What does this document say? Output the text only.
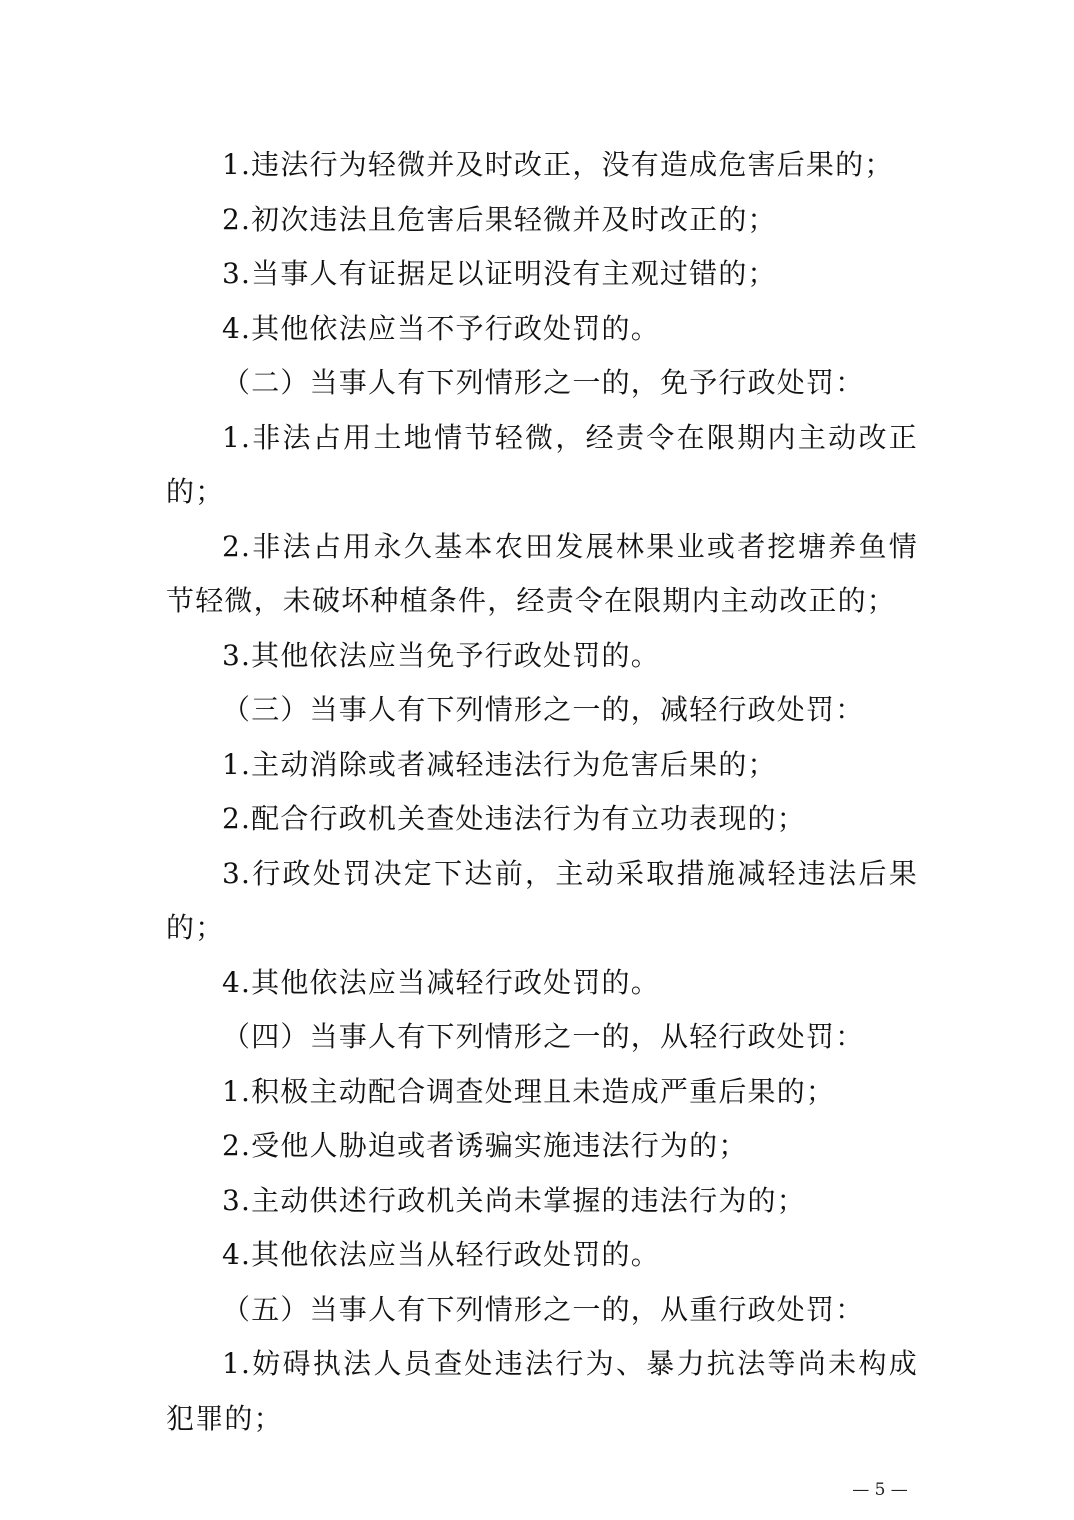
1.违法行为轻微并及时改正，没有造成危害后果的；

2.初次违法且危害后果轻微并及时改正的；

3.当事人有证据足以证明没有主观过错的；

4.其他依法应当不予行政处罚的。

（二）当事人有下列情形之一的，免予行政处罚：

1.非法占用土地情节轻微，经责令在限期内主动改正的；

2.非法占用永久基本农田发展林果业或者挖塘养鱼情节轻微，未破坏种植条件，经责令在限期内主动改正的；

3.其他依法应当免予行政处罚的。

（三）当事人有下列情形之一的，减轻行政处罚：

1.主动消除或者减轻违法行为危害后果的；

2.配合行政机关查处违法行为有立功表现的；

3.行政处罚决定下达前，主动采取措施减轻违法后果的；

4.其他依法应当减轻行政处罚的。

（四）当事人有下列情形之一的，从轻行政处罚：

1.积极主动配合调查处理且未造成严重后果的；

2.受他人胁迫或者诱骗实施违法行为的；

3.主动供述行政机关尚未掌握的违法行为的；

4.其他依法应当从轻行政处罚的。

（五）当事人有下列情形之一的，从重行政处罚：

1.妨碍执法人员查处违法行为、暴力抗法等尚未构成犯罪的；

— 5 —
